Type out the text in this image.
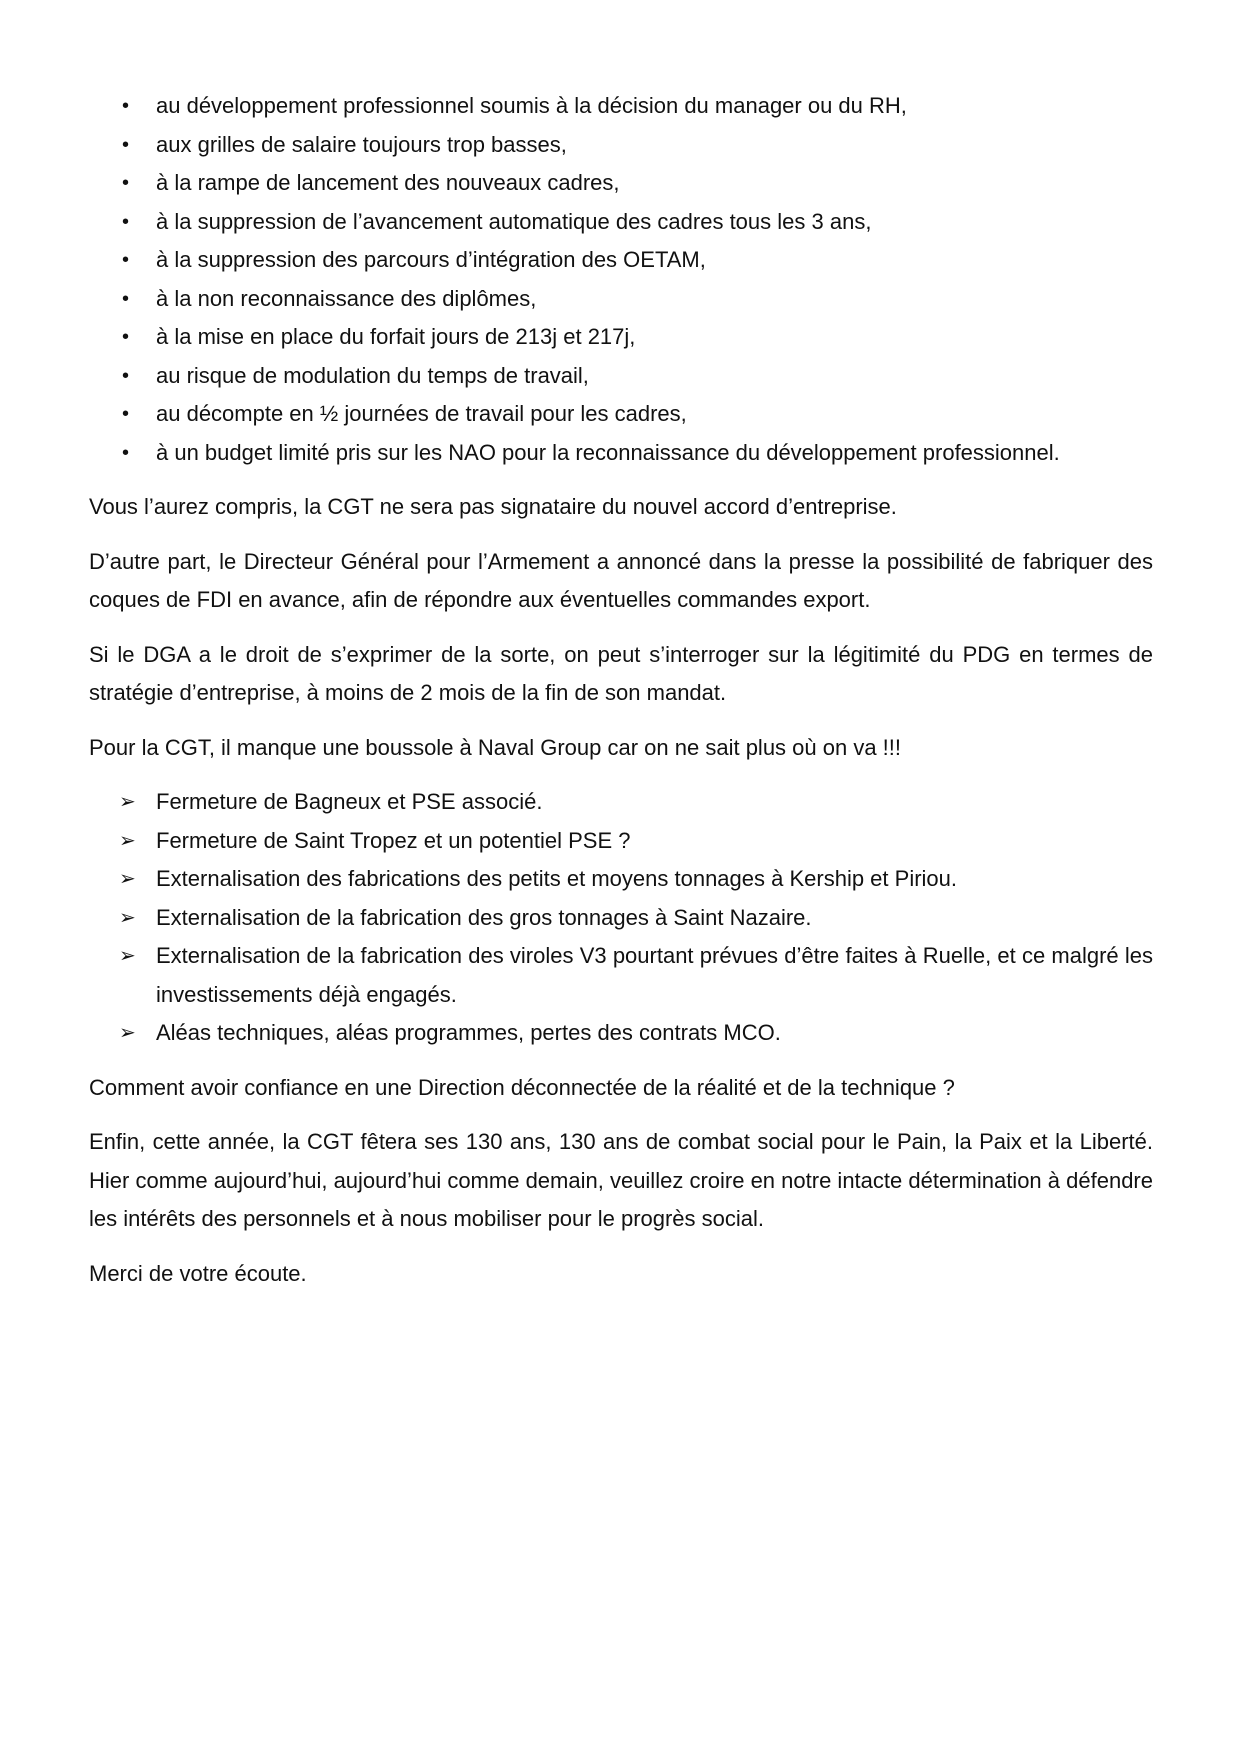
• au développement professionnel soumis à la décision du manager ou du RH,
• aux grilles de salaire toujours trop basses,
• à la rampe de lancement des nouveaux cadres,
• à la suppression de l’avancement automatique des cadres tous les 3 ans,
• à la suppression des parcours d’intégration des OETAM,
• à la non reconnaissance des diplômes,
• à la mise en place du forfait jours de 213j et 217j,
• au risque de modulation du temps de travail,
• au décompte en ½ journées de travail pour les cadres,
• à un budget limité pris sur les NAO pour la reconnaissance du développement professionnel.

Vous l’aurez compris, la CGT ne sera pas signataire du nouvel accord d’entreprise.

D’autre part, le Directeur Général pour l’Armement a annoncé dans la presse la possibilité de fabriquer des coques de FDI en avance, afin de répondre aux éventuelles commandes export.

Si le DGA a le droit de s’exprimer de la sorte, on peut s’interroger sur la légitimité du PDG en termes de stratégie d’entreprise, à moins de 2 mois de la fin de son mandat.

Pour la CGT, il manque une boussole à Naval Group car on ne sait plus où on va !!!

➢ Fermeture de Bagneux et PSE associé.
➢ Fermeture de Saint Tropez et un potentiel PSE ?
➢ Externalisation des fabrications des petits et moyens tonnages à Kership et Piriou.
➢ Externalisation de la fabrication des gros tonnages à Saint Nazaire.
➢ Externalisation de la fabrication des viroles V3 pourtant prévues d’être faites à Ruelle, et ce malgré les investissements déjà engagés.
➢ Aléas techniques, aléas programmes, pertes des contrats MCO.

Comment avoir confiance en une Direction déconnectée de la réalité et de la technique ?

Enfin, cette année, la CGT fêtera ses 130 ans, 130 ans de combat social pour le Pain, la Paix et la Liberté. Hier comme aujourd’hui, aujourd’hui comme demain, veuillez croire en notre intacte détermination à défendre les intérêts des personnels et à nous mobiliser pour le progrès social.

Merci de votre écoute.
